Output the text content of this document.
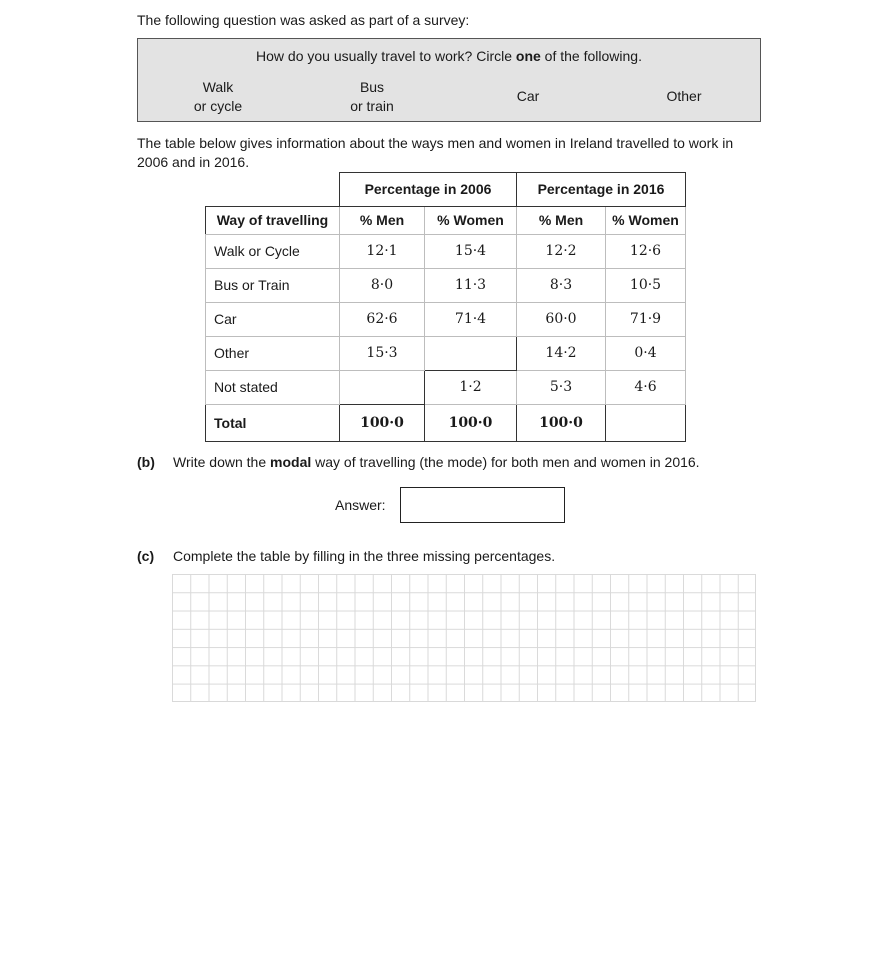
The following question was asked as part of a survey:
How do you usually travel to work? Circle one of the following.
Walk
or cycle
Bus
or train
Car	Other
The table below gives information about the ways men and women in Ireland travelled to work in 2006 and in 2016.
	Percentage in 2006		Percentage in 2016	
Way of travelling	% Men	% Women	% Men	% Women
Walk or Cycle	12·1	15·4	12·2	12·6
Bus or Train	8·0	11·3	8·3	10·5
Car	62·6	71·4	60·0	71·9
Other	15·3		14·2	0·4
Not stated		1·2	5·3	4·6
Total	100·0	100·0	100·0	
(b) Write down the modal way of travelling (the mode) for both men and women in 2016.
Answer:
(c) Complete the table by filling in the three missing percentages.
